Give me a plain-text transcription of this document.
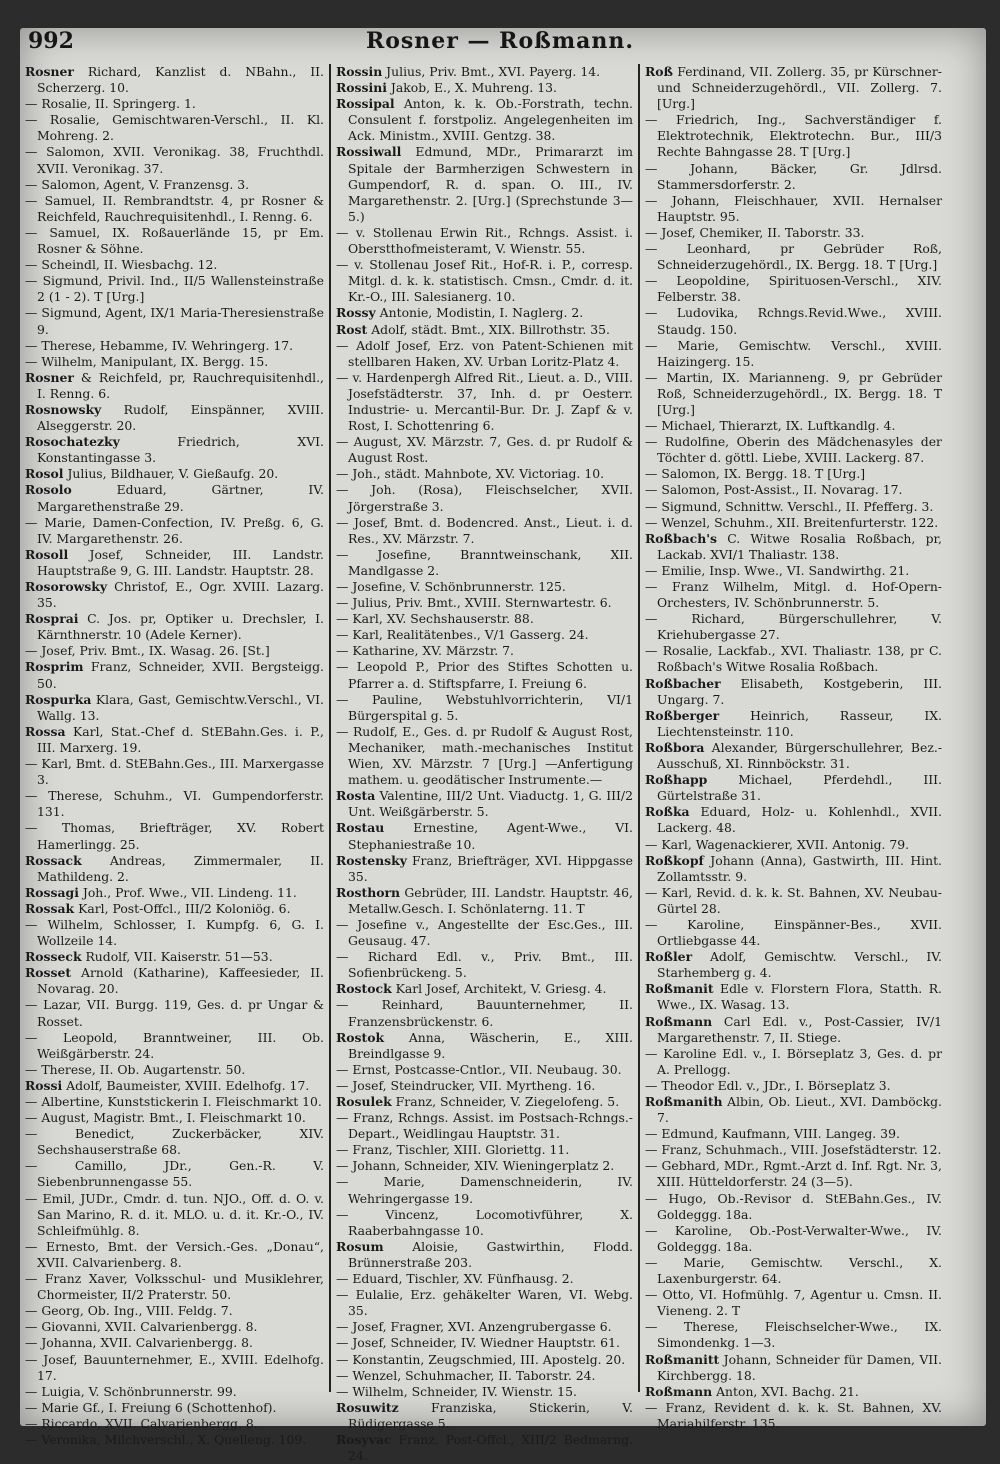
992	Rosner — Roßmann.
Rosner Richard, Kanzlist d. NBahn., II. Scherzerg. 10.
— Rosalie, II. Springerg. 1.
— Rosalie, Gemischtwaren-Verschl., II. Kl. Mohreng. 2.
— Salomon, XVII. Veronikag. 38, Fruchthdl. XVII. Veronikag. 37.
— Salomon, Agent, V. Franzensg. 3.
— Samuel, II. Rembrandtstr. 4, pr Rosner & Reichfeld, Rauchrequisitenhdl., I. Renng. 6.
— Samuel, IX. Roßauerlände 15, pr Em. Rosner & Söhne.
— Scheindl, II. Wiesbachg. 12.
— Sigmund, Privil. Ind., II/5 Wallensteinstraße 2 (1 - 2). T [Urg.]
— Sigmund, Agent, IX/1 Maria-Theresienstraße 9.
— Therese, Hebamme, IV. Wehringerg. 17.
— Wilhelm, Manipulant, IX. Bergg. 15.
Rosner & Reichfeld, pr, Rauchrequisitenhdl., I. Renng. 6.
Rosnowsky Rudolf, Einspänner, XVIII. Alseggerstr. 20.
Rosochatezky Friedrich, XVI. Konstantingasse 3.
Rosol Julius, Bildhauer, V. Gießaufg. 20.
Rosolo Eduard, Gärtner, IV. Margarethenstraße 29.
— Marie, Damen-Confection, IV. Preßg. 6, G. IV. Margarethenstr. 26.
Rosoll Josef, Schneider, III. Landstr. Hauptstraße 9, G. III. Landstr. Hauptstr. 28.
Rosorowsky Christof, E., Ogr. XVIII. Lazarg. 35.
Rosprai C. Jos. pr, Optiker u. Drechsler, I. Kärnthnerstr. 10 (Adele Kerner).
— Josef, Priv. Bmt., IX. Wasag. 26. [St.]
Rosprim Franz, Schneider, XVII. Bergsteigg. 50.
Rospurka Klara, Gast, Gemischtw.Verschl., VI. Wallg. 13.
Rossa Karl, Stat.-Chef d. StEBahn.Ges. i. P., III. Marxerg. 19.
— Karl, Bmt. d. StEBahn.Ges., III. Marxergasse 3.
— Therese, Schuhm., VI. Gumpendorferstr. 131.
— Thomas, Briefträger, XV. Robert Hamerlingg. 25.
Rossack Andreas, Zimmermaler, II. Mathildeng. 2.
Rossagi Joh., Prof. Wwe., VII. Lindeng. 11.
Rossak Karl, Post-Offcl., III/2 Koloniög. 6.
— Wilhelm, Schlosser, I. Kumpfg. 6, G. I. Wollzeile 14.
Rosseck Rudolf, VII. Kaiserstr. 51—53.
Rosset Arnold (Katharine), Kaffeesieder, II. Novarag. 20.
— Lazar, VII. Burgg. 119, Ges. d. pr Ungar & Rosset.
— Leopold, Branntweiner, III. Ob. Weißgärberstr. 24.
— Therese, II. Ob. Augartenstr. 50.
Rossi Adolf, Baumeister, XVIII. Edelhofg. 17.
— Albertine, Kunststickerin I. Fleischmarkt 10.
— August, Magistr. Bmt., I. Fleischmarkt 10.
— Benedict, Zuckerbäcker, XIV. Sechshauserstraße 68.
— Camillo, JDr., Gen.-R. V. Siebenbrunnengasse 55.
— Emil, JUDr., Cmdr. d. tun. NJO., Off. d. O. v. San Marino, R. d. it. MLO. u. d. it. Kr.-O., IV. Schleifmühlg. 8.
— Ernesto, Bmt. der Versich.-Ges. „Donau“, XVII. Calvarienberg. 8.
— Franz Xaver, Volksschul- und Musiklehrer, Chormeister, II/2 Praterstr. 50.
— Georg, Ob. Ing., VIII. Feldg. 7.
— Giovanni, XVII. Calvarienbergg. 8.
— Johanna, XVII. Calvarienbergg. 8.
— Josef, Bauunternehmer, E., XVIII. Edelhofg. 17.
— Luigia, V. Schönbrunnerstr. 99.
— Marie Gf., I. Freiung 6 (Schottenhof).
— Riccardo, XVII. Calvarienbergg. 8.
— Veronika, Milchverschl., X. Quelleng. 109.
Rossin Julius, Priv. Bmt., XVI. Payerg. 14.
Rossini Jakob, E., X. Muhreng. 13.
Rossipal Anton, k. k. Ob.-Forstrath, techn. Consulent f. forstpoliz. Angelegenheiten im Ack. Ministm., XVIII. Gentzg. 38.
Rossiwall Edmund, MDr., Primararzt im Spitale der Barmherzigen Schwestern in Gumpendorf, R. d. span. O. III., IV. Margarethenstr. 2. [Urg.] (Sprechstunde 3—5.)
— v. Stollenau Erwin Rit., Rchngs. Assist. i. Oberstthofmeisteramt, V. Wienstr. 55.
— v. Stollenau Josef Rit., Hof-R. i. P., corresp. Mitgl. d. k. k. statistisch. Cmsn., Cmdr. d. it. Kr.-O., III. Salesianerg. 10.
Rossy Antonie, Modistin, I. Naglerg. 2.
Rost Adolf, städt. Bmt., XIX. Billrothstr. 35.
— Adolf Josef, Erz. von Patent-Schienen mit stellbaren Haken, XV. Urban Loritz-Platz 4.
— v. Hardenpergh Alfred Rit., Lieut. a. D., VIII. Josefstädterstr. 37, Inh. d. pr Oesterr. Industrie- u. Mercantil-Bur. Dr. J. Zapf & v. Rost, I. Schottenring 6.
— August, XV. Märzstr. 7, Ges. d. pr Rudolf & August Rost.
— Joh., städt. Mahnbote, XV. Victoriag. 10.
— Joh. (Rosa), Fleischselcher, XVII. Jörgerstraße 3.
— Josef, Bmt. d. Bodencred. Anst., Lieut. i. d. Res., XV. Märzstr. 7.
— Josefine, Branntweinschank, XII. Mandlgasse 2.
— Josefine, V. Schönbrunnerstr. 125.
— Julius, Priv. Bmt., XVIII. Sternwartestr. 6.
— Karl, XV. Sechshauserstr. 88.
— Karl, Realitätenbes., V/1 Gasserg. 24.
— Katharine, XV. Märzstr. 7.
— Leopold P., Prior des Stiftes Schotten u. Pfarrer a. d. Stiftspfarre, I. Freiung 6.
— Pauline, Webstuhlvorrichterin, VI/1 Bürgerspital g. 5.
— Rudolf, E., Ges. d. pr Rudolf & August Rost, Mechaniker, math.-mechanisches Institut Wien, XV. Märzstr. 7 [Urg.] —Anfertigung mathem. u. geodätischer Instrumente.—
Rosta Valentine, III/2 Unt. Viaductg. 1, G. III/2 Unt. Weißgärberstr. 5.
Rostau Ernestine, Agent-Wwe., VI. Stephaniestraße 10.
Rostensky Franz, Briefträger, XVI. Hippgasse 35.
Rosthorn Gebrüder, III. Landstr. Hauptstr. 46, Metallw.Gesch. I. Schönlaterng. 11. T
— Josefine v., Angestellte der Esc.Ges., III. Geusaug. 47.
— Richard Edl. v., Priv. Bmt., III. Sofienbrückeng. 5.
Rostock Karl Josef, Architekt, V. Griesg. 4.
— Reinhard, Bauunternehmer, II. Franzensbrückenstr. 6.
Rostok Anna, Wäscherin, E., XIII. Breindlgasse 9.
— Ernst, Postcasse-Cntlor., VII. Neubaug. 30.
— Josef, Steindrucker, VII. Myrtheng. 16.
Rosulek Franz, Schneider, V. Ziegelofeng. 5.
— Franz, Rchngs. Assist. im Postsach-Rchngs.-Depart., Weidlingau Hauptstr. 31.
— Franz, Tischler, XIII. Gloriettg. 11.
— Johann, Schneider, XIV. Wieningerplatz 2.
— Marie, Damenschneiderin, IV. Wehringergasse 19.
— Vincenz, Locomotivführer, X. Raaberbahngasse 10.
Rosum Aloisie, Gastwirthin, Flodd. Brünnerstraße 203.
— Eduard, Tischler, XV. Fünfhausg. 2.
— Eulalie, Erz. gehäkelter Waren, VI. Webg. 35.
— Josef, Fragner, XVI. Anzengrubergasse 6.
— Josef, Schneider, IV. Wiedner Hauptstr. 61.
— Konstantin, Zeugschmied, III. Apostelg. 20.
— Wenzel, Schuhmacher, II. Taborstr. 24.
— Wilhelm, Schneider, IV. Wienstr. 15.
Rosuwitz Franziska, Stickerin, V. Rüdigergasse 5.
Rosyvac Franz, Post-Offcl., XIII/2 Bedmarng. 24.
Roß Ferdinand, VII. Zollerg. 35, pr Kürschner- und Schneiderzugehördl., VII. Zollerg. 7. [Urg.]
— Friedrich, Ing., Sachverständiger f. Elektrotechnik, Elektrotechn. Bur., III/3 Rechte Bahngasse 28. T [Urg.]
— Johann, Bäcker, Gr. Jdlrsd. Stammersdorferstr. 2.
— Johann, Fleischhauer, XVII. Hernalser Hauptstr. 95.
— Josef, Chemiker, II. Taborstr. 33.
— Leonhard, pr Gebrüder Roß, Schneiderzugehördl., IX. Bergg. 18. T [Urg.]
— Leopoldine, Spirituosen-Verschl., XIV. Felberstr. 38.
— Ludovika, Rchngs.Revid.Wwe., XVIII. Staudg. 150.
— Marie, Gemischtw. Verschl., XVIII. Haizingerg. 15.
— Martin, IX. Marianneng. 9, pr Gebrüder Roß, Schneiderzugehördl., IX. Bergg. 18. T [Urg.]
— Michael, Thierarzt, IX. Luftkandlg. 4.
— Rudolfine, Oberin des Mädchenasyles der Töchter d. göttl. Liebe, XVIII. Lackerg. 87.
— Salomon, IX. Bergg. 18. T [Urg.]
— Salomon, Post-Assist., II. Novarag. 17.
— Sigmund, Schnittw. Verschl., II. Pfefferg. 3.
— Wenzel, Schuhm., XII. Breitenfurterstr. 122.
Roßbach's C. Witwe Rosalia Roßbach, pr, Lackab. XVI/1 Thaliastr. 138.
— Emilie, Insp. Wwe., VI. Sandwirthg. 21.
— Franz Wilhelm, Mitgl. d. Hof-Opern-Orchesters, IV. Schönbrunnerstr. 5.
— Richard, Bürgerschullehrer, V. Kriehubergasse 27.
— Rosalie, Lackfab., XVI. Thaliastr. 138, pr C. Roßbach's Witwe Rosalia Roßbach.
Roßbacher Elisabeth, Kostgeberin, III. Ungarg. 7.
Roßberger Heinrich, Rasseur, IX. Liechtensteinstr. 110.
Roßbora Alexander, Bürgerschullehrer, Bez.-Ausschuß, XI. Rinnböckstr. 31.
Roßhapp Michael, Pferdehdl., III. Gürtelstraße 31.
Roßka Eduard, Holz- u. Kohlenhdl., XVII. Lackerg. 48.
— Karl, Wagenackierer, XVII. Antonig. 79.
Roßkopf Johann (Anna), Gastwirth, III. Hint. Zollamtsstr. 9.
— Karl, Revid. d. k. k. St. Bahnen, XV. Neubau-Gürtel 28.
— Karoline, Einspänner-Bes., XVII. Ortliebgasse 44.
Roßler Adolf, Gemischtw. Verschl., IV. Starhemberg g. 4.
Roßmanit Edle v. Florstern Flora, Statth. R. Wwe., IX. Wasag. 13.
Roßmann Carl Edl. v., Post-Cassier, IV/1 Margarethenstr. 7, II. Stiege.
— Karoline Edl. v., I. Börseplatz 3, Ges. d. pr A. Prellogg.
— Theodor Edl. v., JDr., I. Börseplatz 3.
Roßmanith Albin, Ob. Lieut., XVI. Damböckg. 7.
— Edmund, Kaufmann, VIII. Langeg. 39.
— Franz, Schuhmach., VIII. Josefstädterstr. 12.
— Gebhard, MDr., Rgmt.-Arzt d. Inf. Rgt. Nr. 3, XIII. Hütteldorferstr. 24 (3—5).
— Hugo, Ob.-Revisor d. StEBahn.Ges., IV. Goldeggg. 18a.
— Karoline, Ob.-Post-Verwalter-Wwe., IV. Goldeggg. 18a.
— Marie, Gemischtw. Verschl., X. Laxenburgerstr. 64.
— Otto, VI. Hofmühlg. 7, Agentur u. Cmsn. II. Vieneng. 2. T
— Therese, Fleischselcher-Wwe., IX. Simondenkg. 1—3.
Roßmanitt Johann, Schneider für Damen, VII. Kirchbergg. 18.
Roßmann Anton, XVI. Bachg. 21.
— Franz, Revident d. k. k. St. Bahnen, XV. Mariahilferstr. 135.
